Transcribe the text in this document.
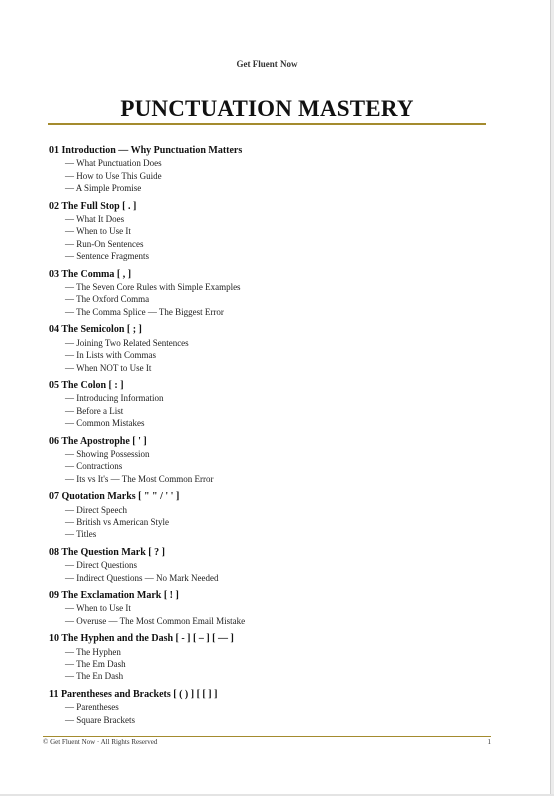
Get Fluent Now
PUNCTUATION MASTERY
01 Introduction — Why Punctuation Matters
— What Punctuation Does
— How to Use This Guide
— A Simple Promise
02 The Full Stop [ . ]
— What It Does
— When to Use It
— Run-On Sentences
— Sentence Fragments
03 The Comma [ , ]
— The Seven Core Rules with Simple Examples
— The Oxford Comma
— The Comma Splice — The Biggest Error
04 The Semicolon [ ; ]
— Joining Two Related Sentences
— In Lists with Commas
— When NOT to Use It
05 The Colon [ : ]
— Introducing Information
— Before a List
— Common Mistakes
06 The Apostrophe [ ' ]
— Showing Possession
— Contractions
— Its vs It's — The Most Common Error
07 Quotation Marks [ " " / ' ' ]
— Direct Speech
— British vs American Style
— Titles
08 The Question Mark [ ? ]
— Direct Questions
— Indirect Questions — No Mark Needed
09 The Exclamation Mark [ ! ]
— When to Use It
— Overuse — The Most Common Email Mistake
10 The Hyphen and the Dash [ - ] [ – ] [ — ]
— The Hyphen
— The Em Dash
— The En Dash
11 Parentheses and Brackets [ ( ) ] [ [ ] ]
— Parentheses
— Square Brackets
© Get Fluent Now · All Rights Reserved	1
